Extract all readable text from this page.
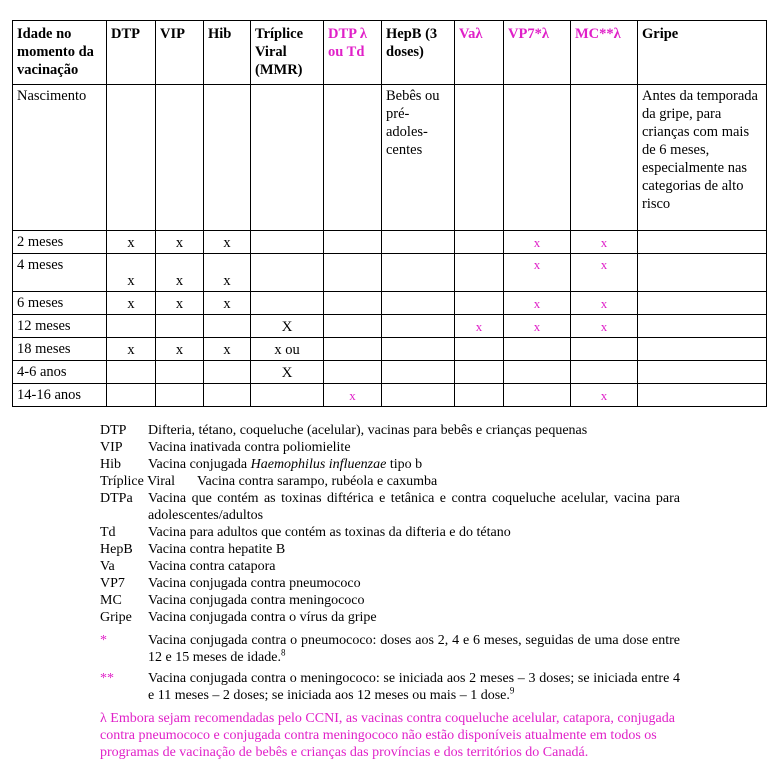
Idade no momento da vacinação	DTP	VIP	Hib	Tríplice Viral (MMR)	DTP λ ou Td	HepB (3 doses)	Vaλ	VP7*λ	MC**λ	Gripe
Nascimento						Bebês ou pré-adoles-centes				Antes da temporada da gripe, para crianças com mais de 6 meses, especialmente nas categorias de alto risco
2 meses	x	x	x					x	x	
4 meses	x	x	x					x	x	
6 meses	x	x	x					x	x	
12 meses				X			x	x	x	
18 meses	x	x	x	x ou						
4-6 anos				X						
14-16 anos					x				x	
DTP	Difteria, tétano, coqueluche (acelular), vacinas para bebês e crianças pequenas
VIP	Vacina inativada contra poliomielite
Hib	Vacina conjugada Haemophilus influenzae tipo b
Tríplice Viral	Vacina contra sarampo, rubéola e caxumba
DTPa	Vacina que contém as toxinas diftérica e tetânica e contra coqueluche acelular, vacina para adolescentes/adultos
Td	Vacina para adultos que contém as toxinas da difteria e do tétano
HepB	Vacina contra hepatite B
Va	Vacina contra catapora
VP7	Vacina conjugada contra pneumococo
MC	Vacina conjugada contra meningococo
Gripe	Vacina conjugada contra o vírus da gripe
*	Vacina conjugada contra o pneumococo: doses aos 2, 4 e 6 meses, seguidas de uma dose entre 12 e 15 meses de idade.$^8$
**	Vacina conjugada contra o meningococo: se iniciada aos 2 meses – 3 doses; se iniciada entre 4 e 11 meses – 2 doses; se iniciada aos 12 meses ou mais – 1 dose.$^9$
λ Embora sejam recomendadas pelo CCNI, as vacinas contra coqueluche acelular, catapora, conjugada contra pneumococo e conjugada contra meningococo não estão disponíveis atualmente em todos os programas de vacinação de bebês e crianças das províncias e dos territórios do Canadá.
